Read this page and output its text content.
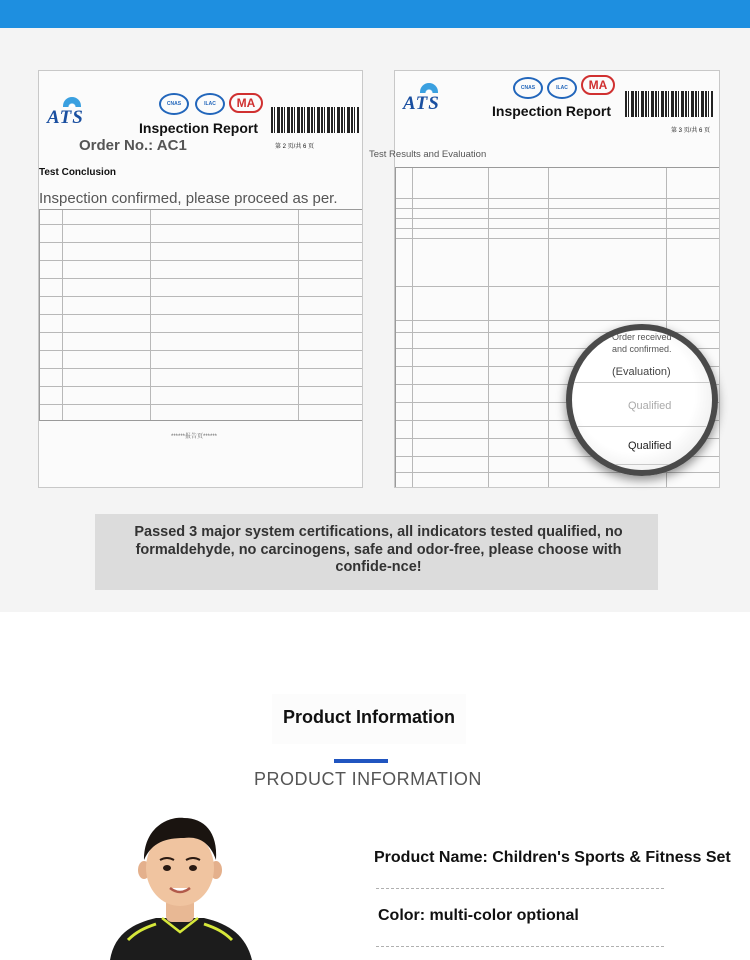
ATS
CNAS	ILAC	MA
第 2 页/共 6 页
******报告页******
Inspection Report
Order No.: AC1
Test Conclusion
Inspection confirmed, please proceed as per.
ATS
CNAS	ILAC	MA
第 3 页/共 6 页
Inspection Report
Test Results and Evaluation
Order received and confirmed.
(Evaluation)
Qualified
Qualified
Passed 3 major system certifications, all indicators tested qualified, no formaldehyde, no carcinogens, safe and odor-free, please choose with confide-nce!
Product Information
PRODUCT INFORMATION
Product Name: Children's Sports & Fitness Set
Color: multi-color optional
